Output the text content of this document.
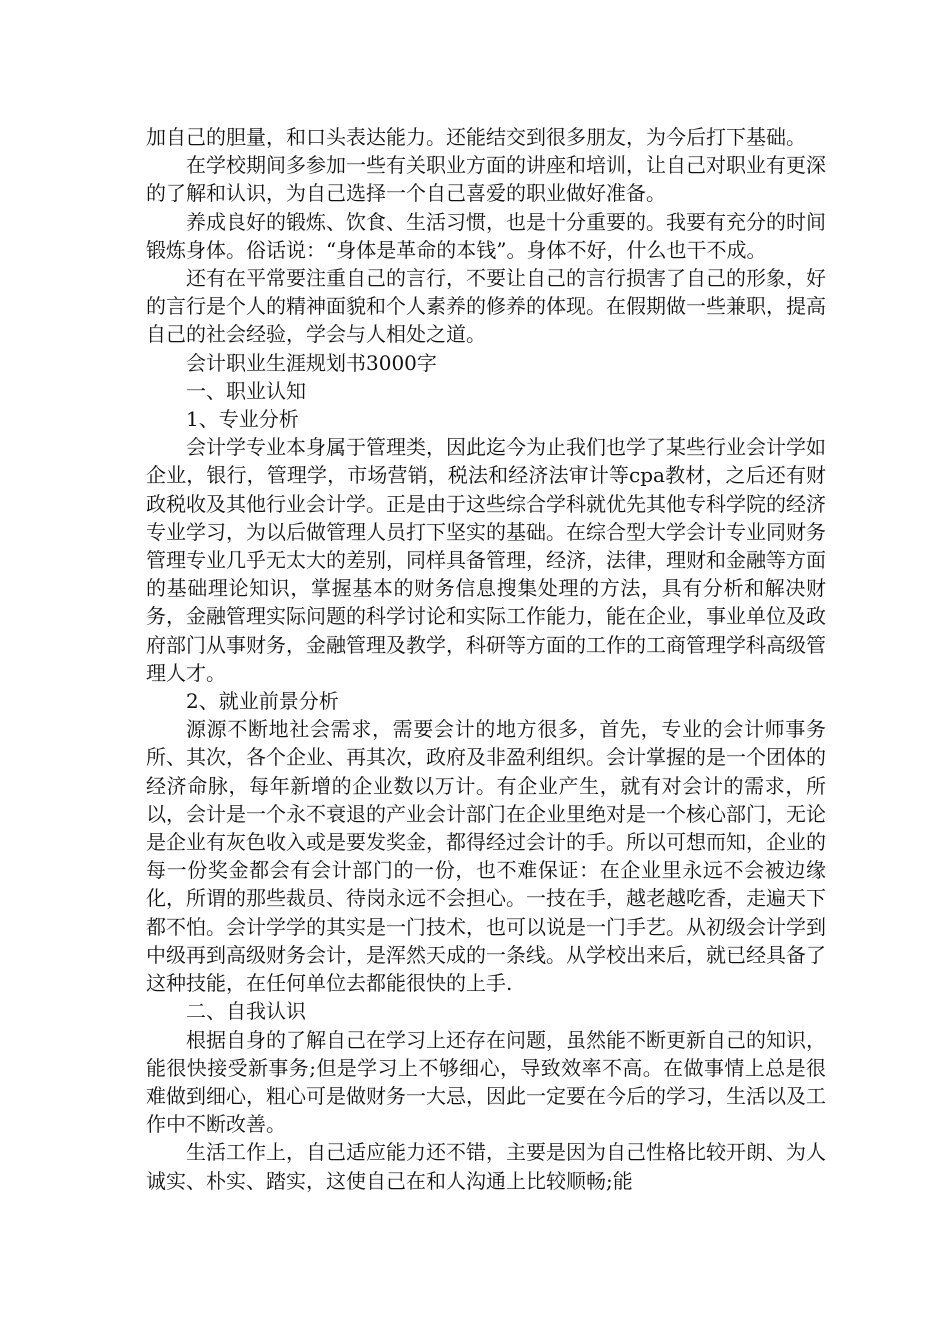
加自己的胆量，和口头表达能力。还能结交到很多朋友，为今后打下基础。

在学校期间多参加一些有关职业方面的讲座和培训，让自己对职业有更深的了解和认识，为自己选择一个自己喜爱的职业做好准备。

养成良好的锻炼、饮食、生活习惯，也是十分重要的。我要有充分的时间锻炼身体。俗话说：“身体是革命的本钱”。身体不好，什么也干不成。

还有在平常要注重自己的言行，不要让自己的言行损害了自己的形象，好的言行是个人的精神面貌和个人素养的修养的体现。在假期做一些兼职，提高自己的社会经验，学会与人相处之道。

会计职业生涯规划书3000字

一、职业认知

1、专业分析

会计学专业本身属于管理类，因此迄今为止我们也学了某些行业会计学如企业，银行，管理学，市场营销，税法和经济法审计等cpa教材，之后还有财政税收及其他行业会计学。正是由于这些综合学科就优先其他专科学院的经济专业学习，为以后做管理人员打下坚实的基础。在综合型大学会计专业同财务管理专业几乎无太大的差别，同样具备管理，经济，法律，理财和金融等方面的基础理论知识，掌握基本的财务信息搜集处理的方法，具有分析和解决财务，金融管理实际问题的科学讨论和实际工作能力，能在企业，事业单位及政府部门从事财务，金融管理及教学，科研等方面的工作的工商管理学科高级管理人才。

2、就业前景分析

源源不断地社会需求，需要会计的地方很多，首先，专业的会计师事务所、其次，各个企业、再其次，政府及非盈利组织。会计掌握的是一个团体的经济命脉，每年新增的企业数以万计。有企业产生，就有对会计的需求，所以，会计是一个永不衰退的产业会计部门在企业里绝对是一个核心部门，无论是企业有灰色收入或是要发奖金，都得经过会计的手。所以可想而知，企业的每一份奖金都会有会计部门的一份，也不难保证：在企业里永远不会被边缘化，所谓的那些裁员、待岗永远不会担心。一技在手，越老越吃香，走遍天下都不怕。会计学学的其实是一门技术，也可以说是一门手艺。从初级会计学到中级再到高级财务会计，是浑然天成的一条线。从学校出来后，就已经具备了这种技能，在任何单位去都能很快的上手.

二、自我认识

根据自身的了解自己在学习上还存在问题，虽然能不断更新自己的知识，能很快接受新事务;但是学习上不够细心，导致效率不高。在做事情上总是很难做到细心，粗心可是做财务一大忌，因此一定要在今后的学习，生活以及工作中不断改善。

生活工作上，自己适应能力还不错，主要是因为自己性格比较开朗、为人诚实、朴实、踏实，这使自己在和人沟通上比较顺畅;能
